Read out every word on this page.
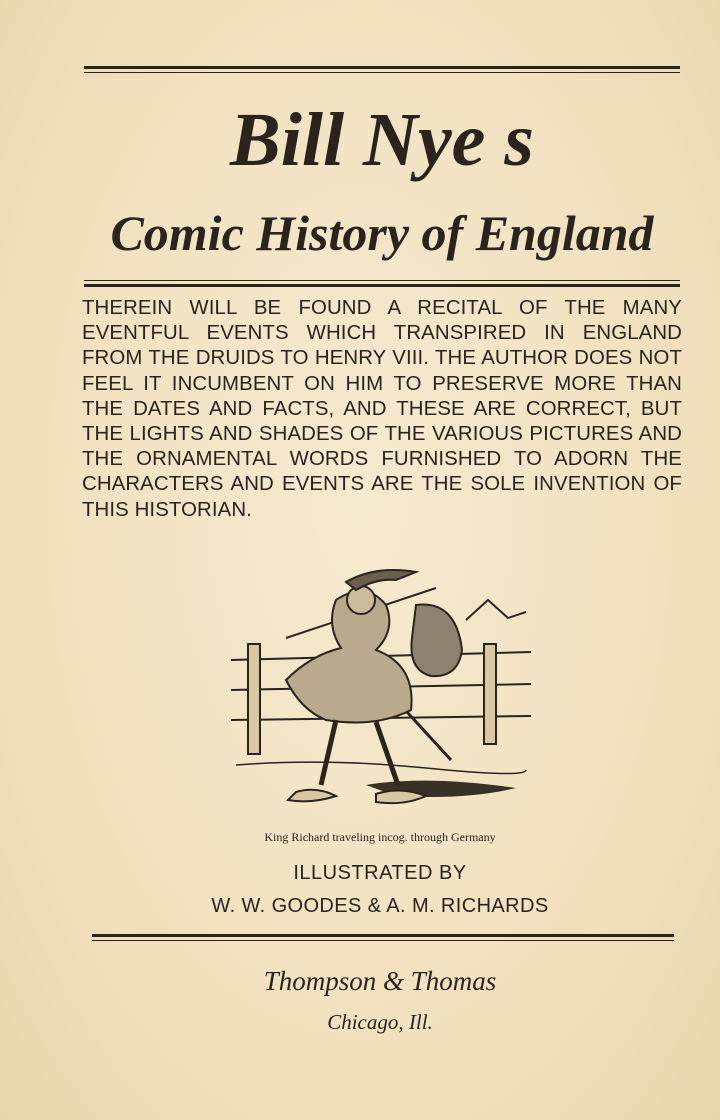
Bill Nye s
Comic History of England

THEREIN WILL BE FOUND A RECITAL OF THE MANY EVENTFUL EVENTS WHICH TRANSPIRED IN ENGLAND FROM THE DRUIDS TO HENRY VIII. THE AUTHOR DOES NOT FEEL IT INCUMBENT ON HIM TO PRESERVE MORE THAN THE DATES AND FACTS, AND THESE ARE CORRECT, BUT THE LIGHTS AND SHADES OF THE VARIOUS PICTURES AND THE ORNAMENTAL WORDS FURNISHED TO ADORN THE CHARACTERS AND EVENTS ARE THE SOLE INVENTION OF THIS HISTORIAN.

King Richard traveling incog. through Germany
ILLUSTRATED BY
W. W. GOODES & A. M. RICHARDS
Thompson & Thomas
Chicago, Ill.
